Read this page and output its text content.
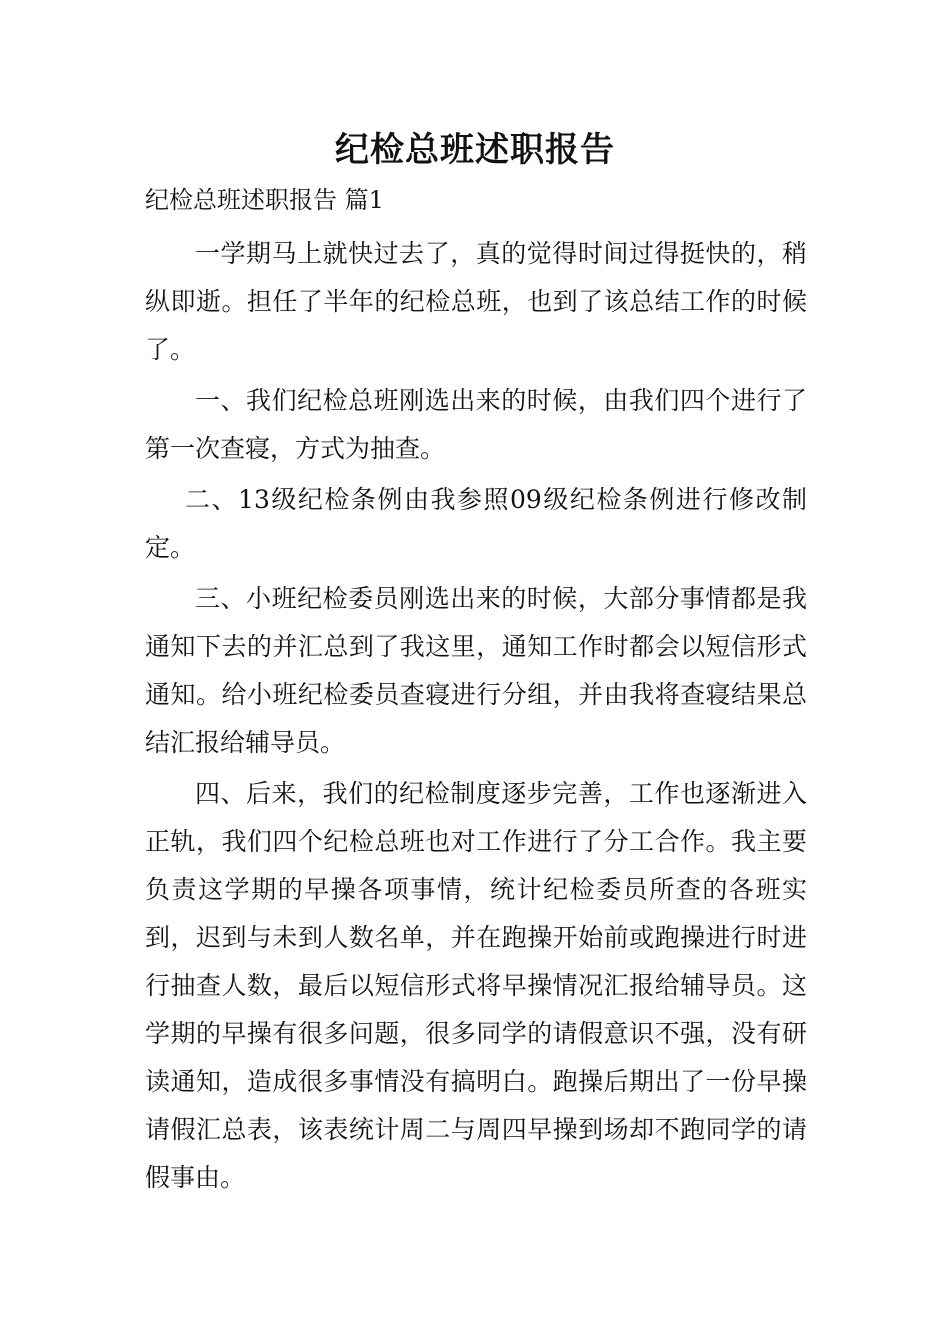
纪检总班述职报告

纪检总班述职报告 篇1

一学期马上就快过去了，真的觉得时间过得挺快的，稍纵即逝。担任了半年的纪检总班，也到了该总结工作的时候了。

一、我们纪检总班刚选出来的时候，由我们四个进行了第一次查寝，方式为抽查。

二、13级纪检条例由我参照09级纪检条例进行修改制定。

三、小班纪检委员刚选出来的时候，大部分事情都是我通知下去的并汇总到了我这里，通知工作时都会以短信形式通知。给小班纪检委员查寝进行分组，并由我将查寝结果总结汇报给辅导员。

四、后来，我们的纪检制度逐步完善，工作也逐渐进入正轨，我们四个纪检总班也对工作进行了分工合作。我主要负责这学期的早操各项事情，统计纪检委员所查的各班实到，迟到与未到人数名单，并在跑操开始前或跑操进行时进行抽查人数，最后以短信形式将早操情况汇报给辅导员。这学期的早操有很多问题，很多同学的请假意识不强，没有研读通知，造成很多事情没有搞明白。跑操后期出了一份早操请假汇总表，该表统计周二与周四早操到场却不跑同学的请假事由。
